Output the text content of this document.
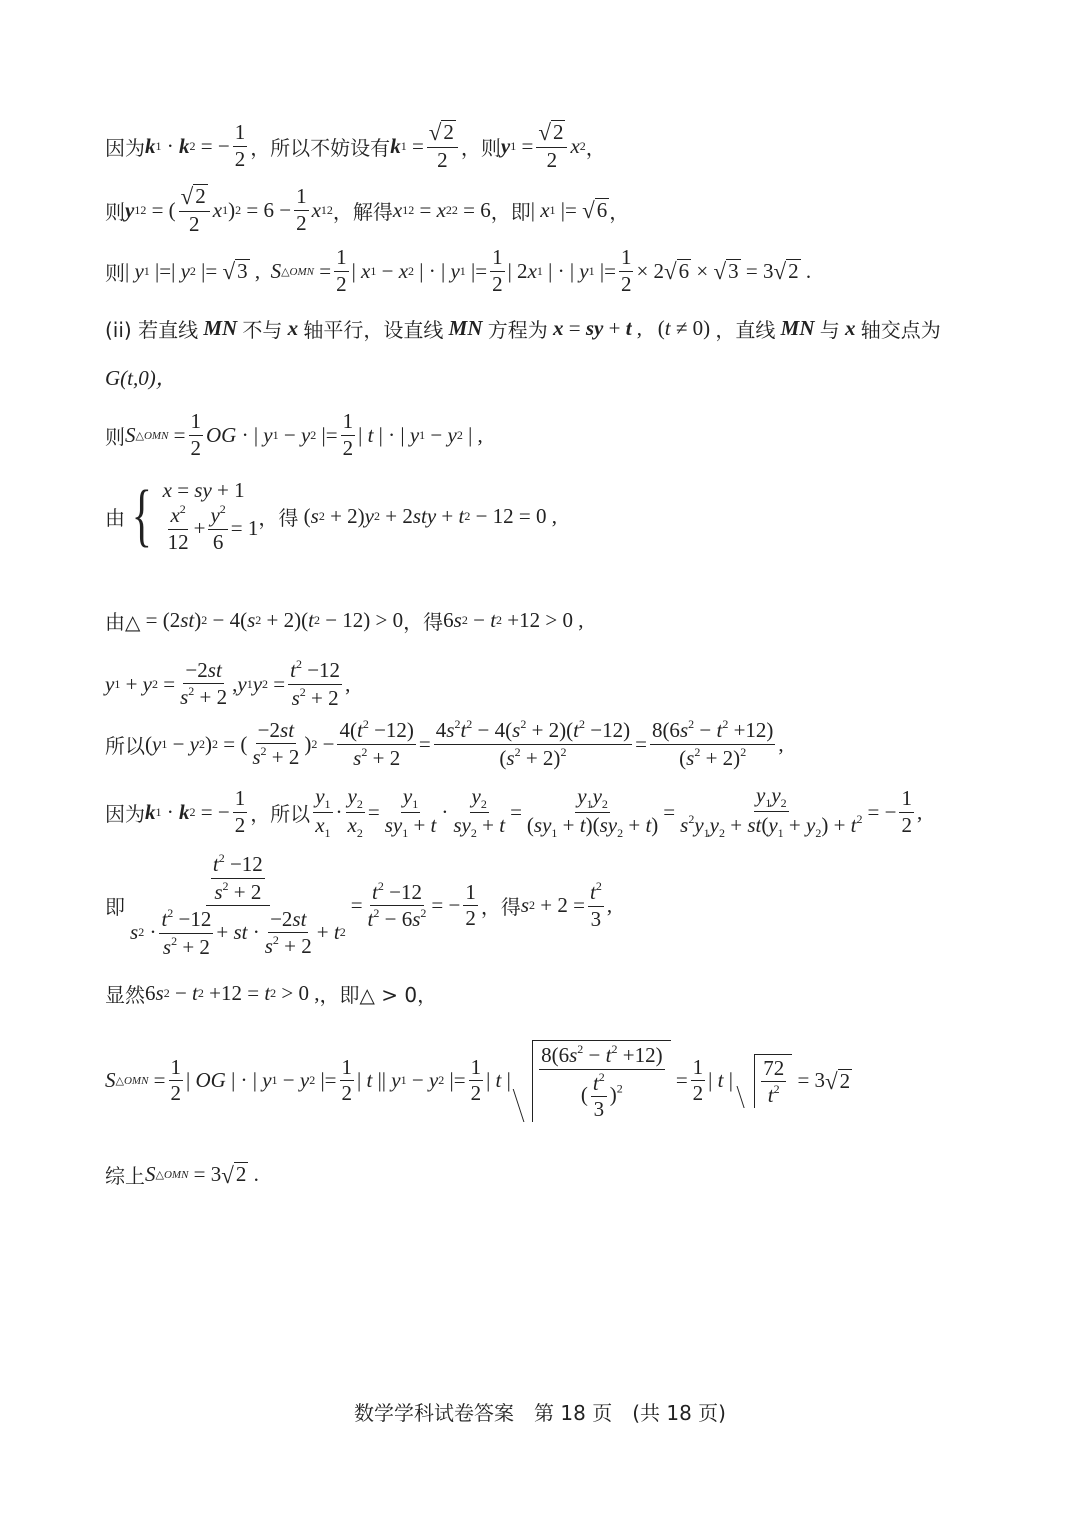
因为 k 1 · k 2 = − $\frac{1}{2}$ ，所以不妨设有 k $1 = \frac{√ 2}{2}$ ，则 y $1 = \frac{√ 2}{2}$ x 2 ，
则 y 1 2 = ( $\frac{√ 2}{2}$ x 1 ) $2 = 6 - \frac{1}{2}$ x 1 2 ，解得 x 1 2 = x 2 2 = 6 ，即 | x 1 |= √ 6 ，
则 | y 1 |=| y 2 |= √ 3 , S △OMN = $\frac{1}{2}$ | x 1 − x 2 | · | y 1 |= $\frac{1}{2}$ | 2 x 1 | · | y 1 |= $\frac{1}{2} \times 2$ √ 6 × √ 3 = 3 √ 2 .
(ii) 若直线
MN
不与
x
轴平行，设直线
MN
方程为
x = sy + t ,   ( t ≠ 0) ，直线
MN
与
x
轴交点为
G(t,0)，
则 S △OMN = $\frac{1}{2}$ OG · | y 1 − y 2 |= $\frac{1}{2}$ | t | · | y 1 − y 2 | ,
由 { x = sy + 1
$\frac{x^2}{12} + \frac{y^2}{6} = 1$ ，得 ( s 2 + 2) y 2 + 2 sty + t 2 − 12 = 0 ,
由△ = (2 st ) 2 − 4( s 2 + 2)( t 2 − 12) > 0 ，得 6 s 2 − t 2 +12 > 0 ,
y 1 + y $2 = \frac{-2st}{s^2 + 2}$ , y 1 y $2 = \frac{t^2 -12}{s^2 + 2}$ ,
所以 ( y 1 − y 2 ) 2 = ( $\frac{-2st}{s^2 + 2}$ ) $2 - \frac{4(t^2 -12)}{s^2 + 2} = \frac{4s^2t^2 - 4(s^2 + 2)(t^2 -12)}{(s^2 + 2)^2} = \frac{8(6s^2 - t^2 +12)}{(s^2 + 2)^2}$ ,
因为 k 1 · k 2 = − $\frac{1}{2}$ ，所以 $\frac{y_1}{x_1} \cdot \frac{y_2}{x_2} = \frac{y_1}{sy_1 + t} \cdot \frac{y_2}{sy_2 + t} = \frac{y_1y_2}{(sy_1 + t)(sy_2 + t)} = \frac{y_1y_2}{s^2y_1y_2 + st(y_1 + y_2) + t^2}$ = − $\frac{1}{2}$ ,
即
$\frac{t^2 -12}{s^2 + 2}$
s $2 \cdot \frac{t^2 -12}{s^2 + 2}$ + st · $\frac{-2st}{s^2 + 2} + t$ 2
= $\frac{t^2 -12}{t^2 - 6s^2}$ = − $\frac{1}{2}$ ，得 s $2 + 2 = \frac{t^2}{3}$ ,
显然 6 s 2 − t 2 +12 = t 2 > 0 , ，即△ > 0，
S △OMN = $\frac{1}{2}$ | OG | · | y 1 − y 2 |= $\frac{1}{2}$ | t || y 1 − y 2 |= $\frac{1}{2}$ | t | $\frac{8(6s^2 - t^2 +12)}{( \frac{t^2}{3} )^2} = \frac{1}{2}$ | t | $\frac{72}{t^2} = 3$ √ 2
综上 S △OMN = 3 √ 2 .
数学学科试卷答案　第 18 页　(共 18 页)
